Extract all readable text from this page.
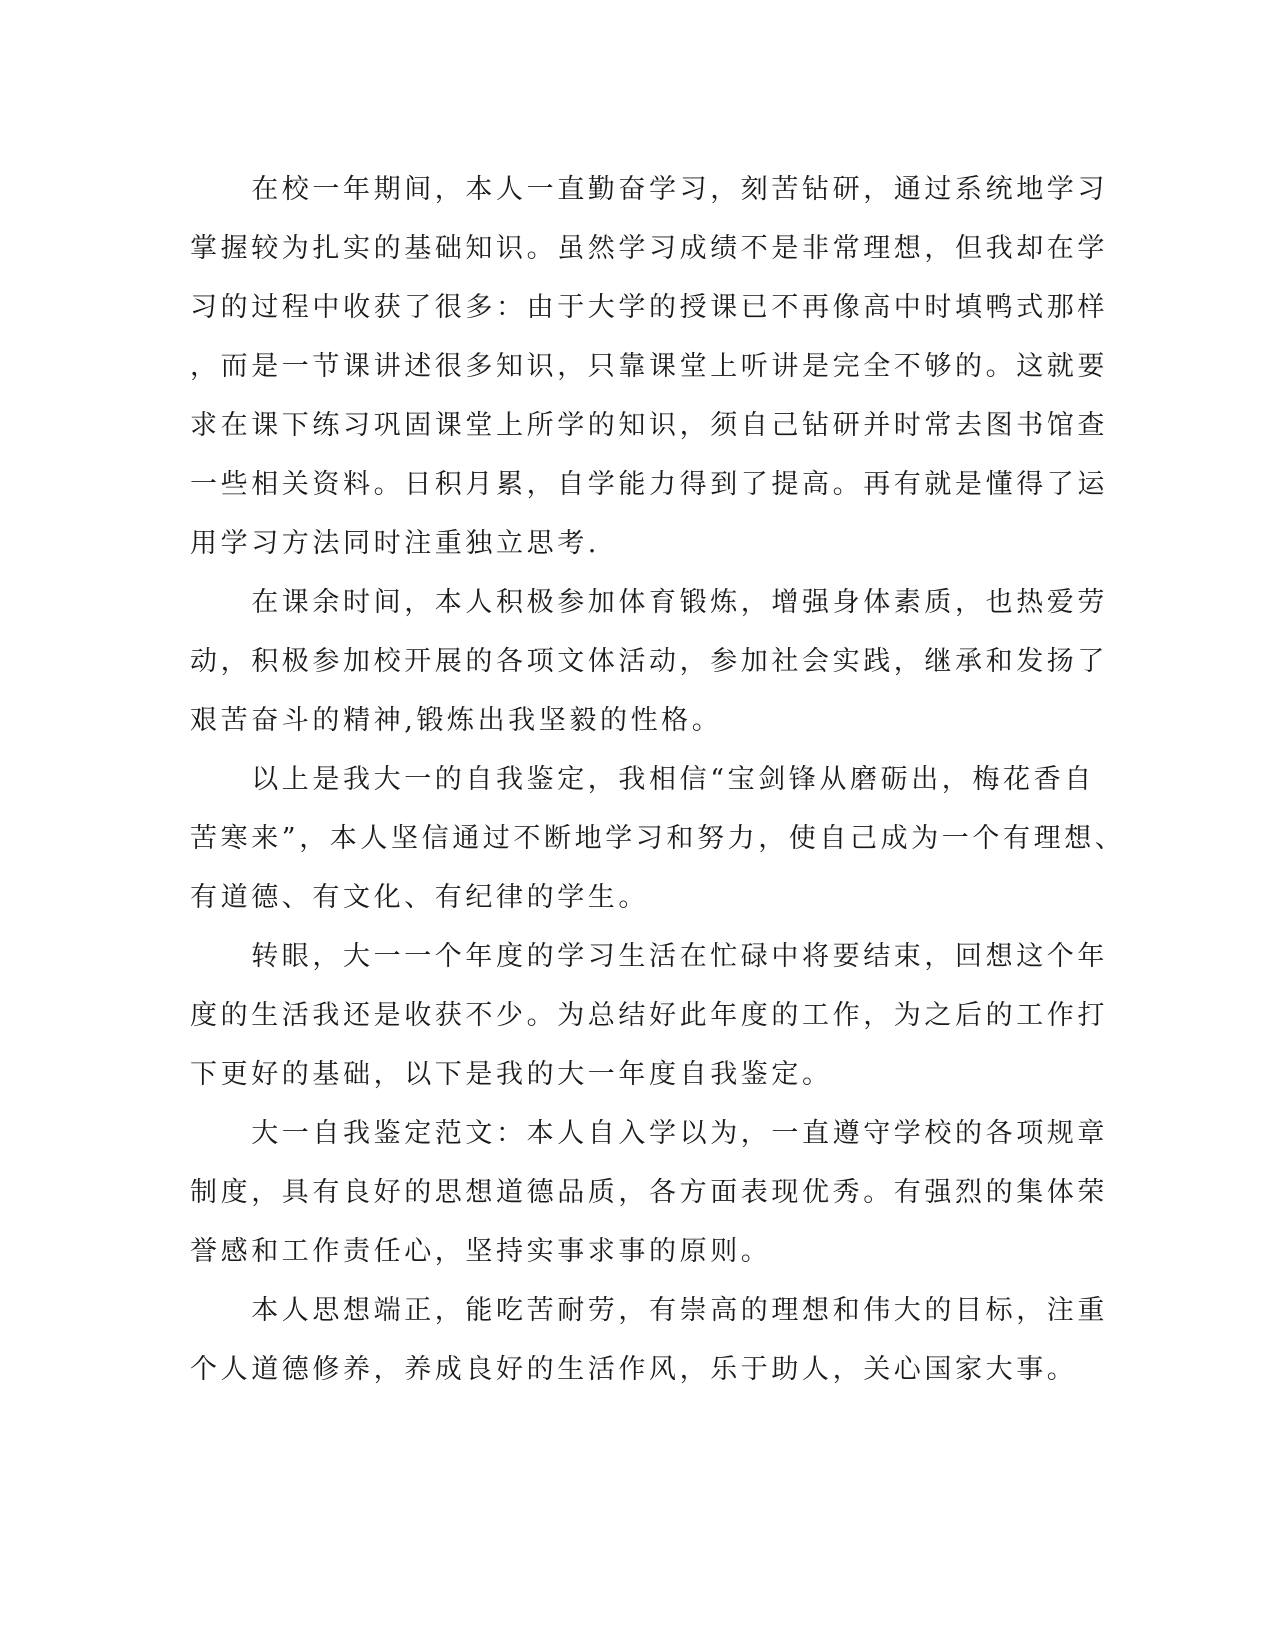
　　在校一年期间，本人一直勤奋学习，刻苦钻研，通过系统地学习
掌握较为扎实的基础知识。虽然学习成绩不是非常理想，但我却在学
习的过程中收获了很多：由于大学的授课已不再像高中时填鸭式那样
，而是一节课讲述很多知识，只靠课堂上听讲是完全不够的。这就要
求在课下练习巩固课堂上所学的知识，须自己钻研并时常去图书馆查
一些相关资料。日积月累，自学能力得到了提高。再有就是懂得了运
用学习方法同时注重独立思考.
　　在课余时间，本人积极参加体育锻炼，增强身体素质，也热爱劳
动，积极参加校开展的各项文体活动，参加社会实践，继承和发扬了
艰苦奋斗的精神,锻炼出我坚毅的性格。
　　以上是我大一的自我鉴定，我相信“宝剑锋从磨砺出，梅花香自
苦寒来”，本人坚信通过不断地学习和努力，使自己成为一个有理想、
有道德、有文化、有纪律的学生。
　　转眼，大一一个年度的学习生活在忙碌中将要结束，回想这个年
度的生活我还是收获不少。为总结好此年度的工作，为之后的工作打
下更好的基础，以下是我的大一年度自我鉴定。
　　大一自我鉴定范文：本人自入学以为，一直遵守学校的各项规章
制度，具有良好的思想道德品质，各方面表现优秀。有强烈的集体荣
誉感和工作责任心，坚持实事求事的原则。
　　本人思想端正，能吃苦耐劳，有崇高的理想和伟大的目标，注重
个人道德修养，养成良好的生活作风，乐于助人，关心国家大事。
